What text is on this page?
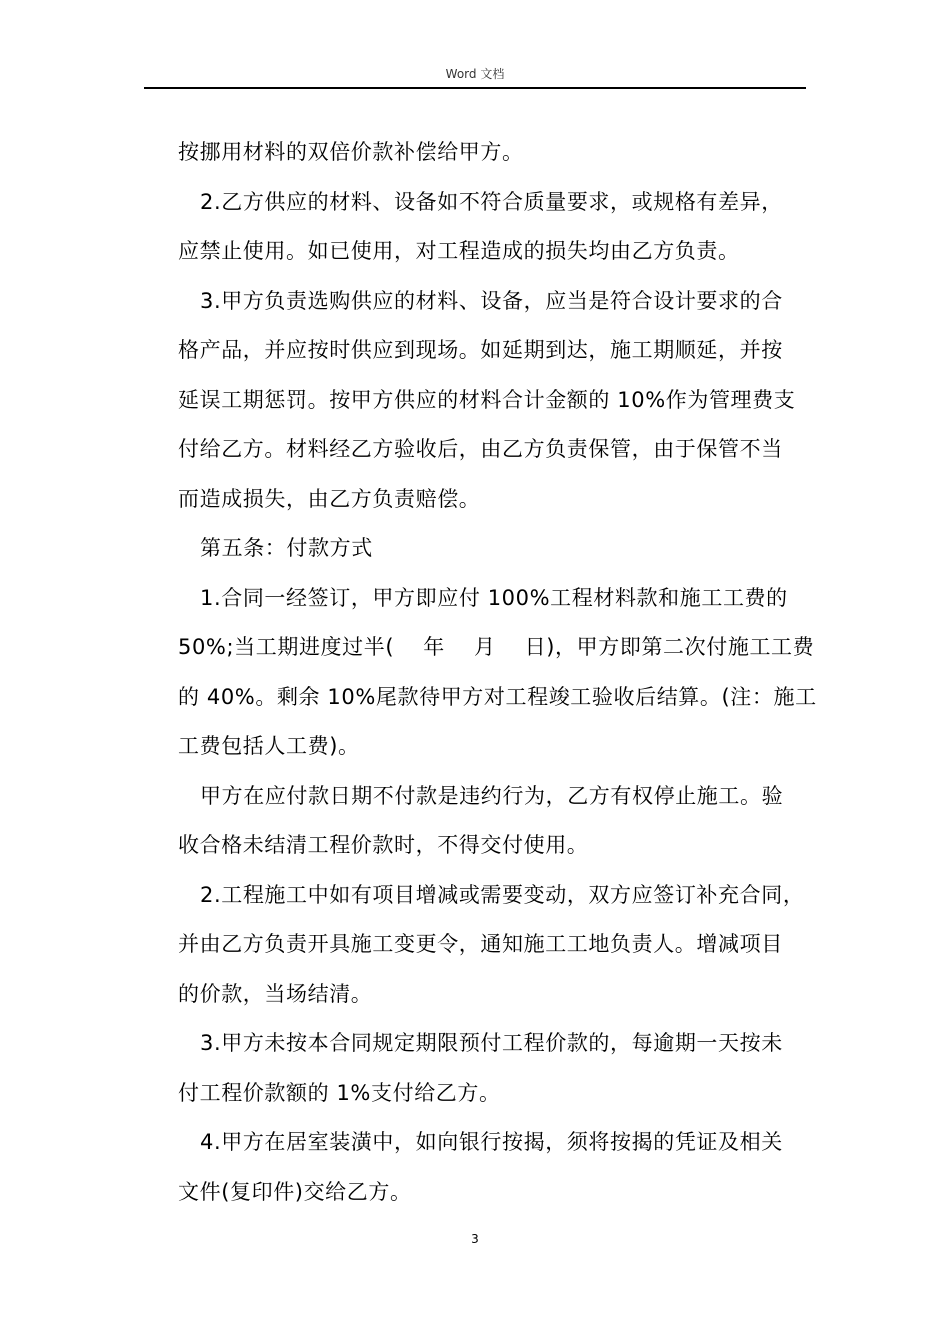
Word 文档
按挪用材料的双倍价款补偿给甲方。
2.乙方供应的材料、设备如不符合质量要求，或规格有差异，
应禁止使用。如已使用，对工程造成的损失均由乙方负责。
3.甲方负责选购供应的材料、设备，应当是符合设计要求的合
格产品，并应按时供应到现场。如延期到达，施工期顺延，并按
延误工期惩罚。按甲方供应的材料合计金额的 10%作为管理费支
付给乙方。材料经乙方验收后，由乙方负责保管，由于保管不当
而造成损失，由乙方负责赔偿。
第五条：付款方式
1.合同一经签订，甲方即应付 100%工程材料款和施工工费的
50%;当工期进度过半(    年    月    日)，甲方即第二次付施工工费
的 40%。剩余 10%尾款待甲方对工程竣工验收后结算。(注：施工
工费包括人工费)。
甲方在应付款日期不付款是违约行为，乙方有权停止施工。验
收合格未结清工程价款时，不得交付使用。
2.工程施工中如有项目增减或需要变动，双方应签订补充合同，
并由乙方负责开具施工变更令，通知施工工地负责人。增减项目
的价款，当场结清。
3.甲方未按本合同规定期限预付工程价款的，每逾期一天按未
付工程价款额的 1%支付给乙方。
4.甲方在居室装潢中，如向银行按揭，须将按揭的凭证及相关
文件(复印件)交给乙方。
3
